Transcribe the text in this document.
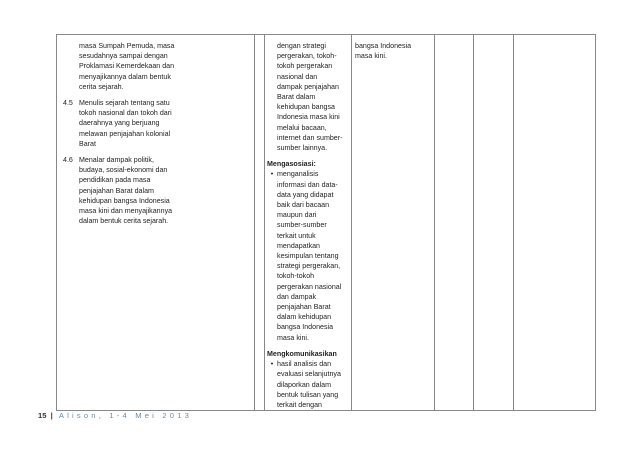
masa Sumpah Pemuda, masa
sesudahnya sampai dengan
Proklamasi Kemerdekaan dan
menyajikannya dalam bentuk
cerita sejarah.
4.5 Menulis sejarah tentang satu
tokoh nasional dan tokoh dari
daerahnya yang berjuang
melawan penjajahan kolonial
Barat
4.6 Menalar dampak politik,
budaya, sosial-ekonomi dan
pendidikan pada masa
penjajahan Barat dalam
kehidupan bangsa Indonesia
masa kini dan menyajikannya
dalam bentuk cerita sejarah.

dengan strategi
pergerakan, tokoh-
tokoh pergerakan
nasional dan
dampak penjajahan
Barat dalam
kehidupan bangsa
Indonesia masa kini
melalui bacaan,
internet dan sumber-
sumber lainnya.
Mengasosiasi:
• menganalisis
informasi dan data-
data yang didapat
baik dari bacaan
maupun dari
sumber-sumber
terkait untuk
mendapatkan
kesimpulan tentang
strategi pergerakan,
tokoh-tokoh
pergerakan nasional
dan dampak
penjajahan Barat
dalam kehidupan
bangsa Indonesia
masa kini.
Mengkomunikasikan
• hasil analisis dan
evaluasi selanjutnya
dilaporkan dalam
bentuk tulisan yang
terkait dengan

bangsa Indonesia
masa kini.

15 | Alison, 1-4 Mei 2013
